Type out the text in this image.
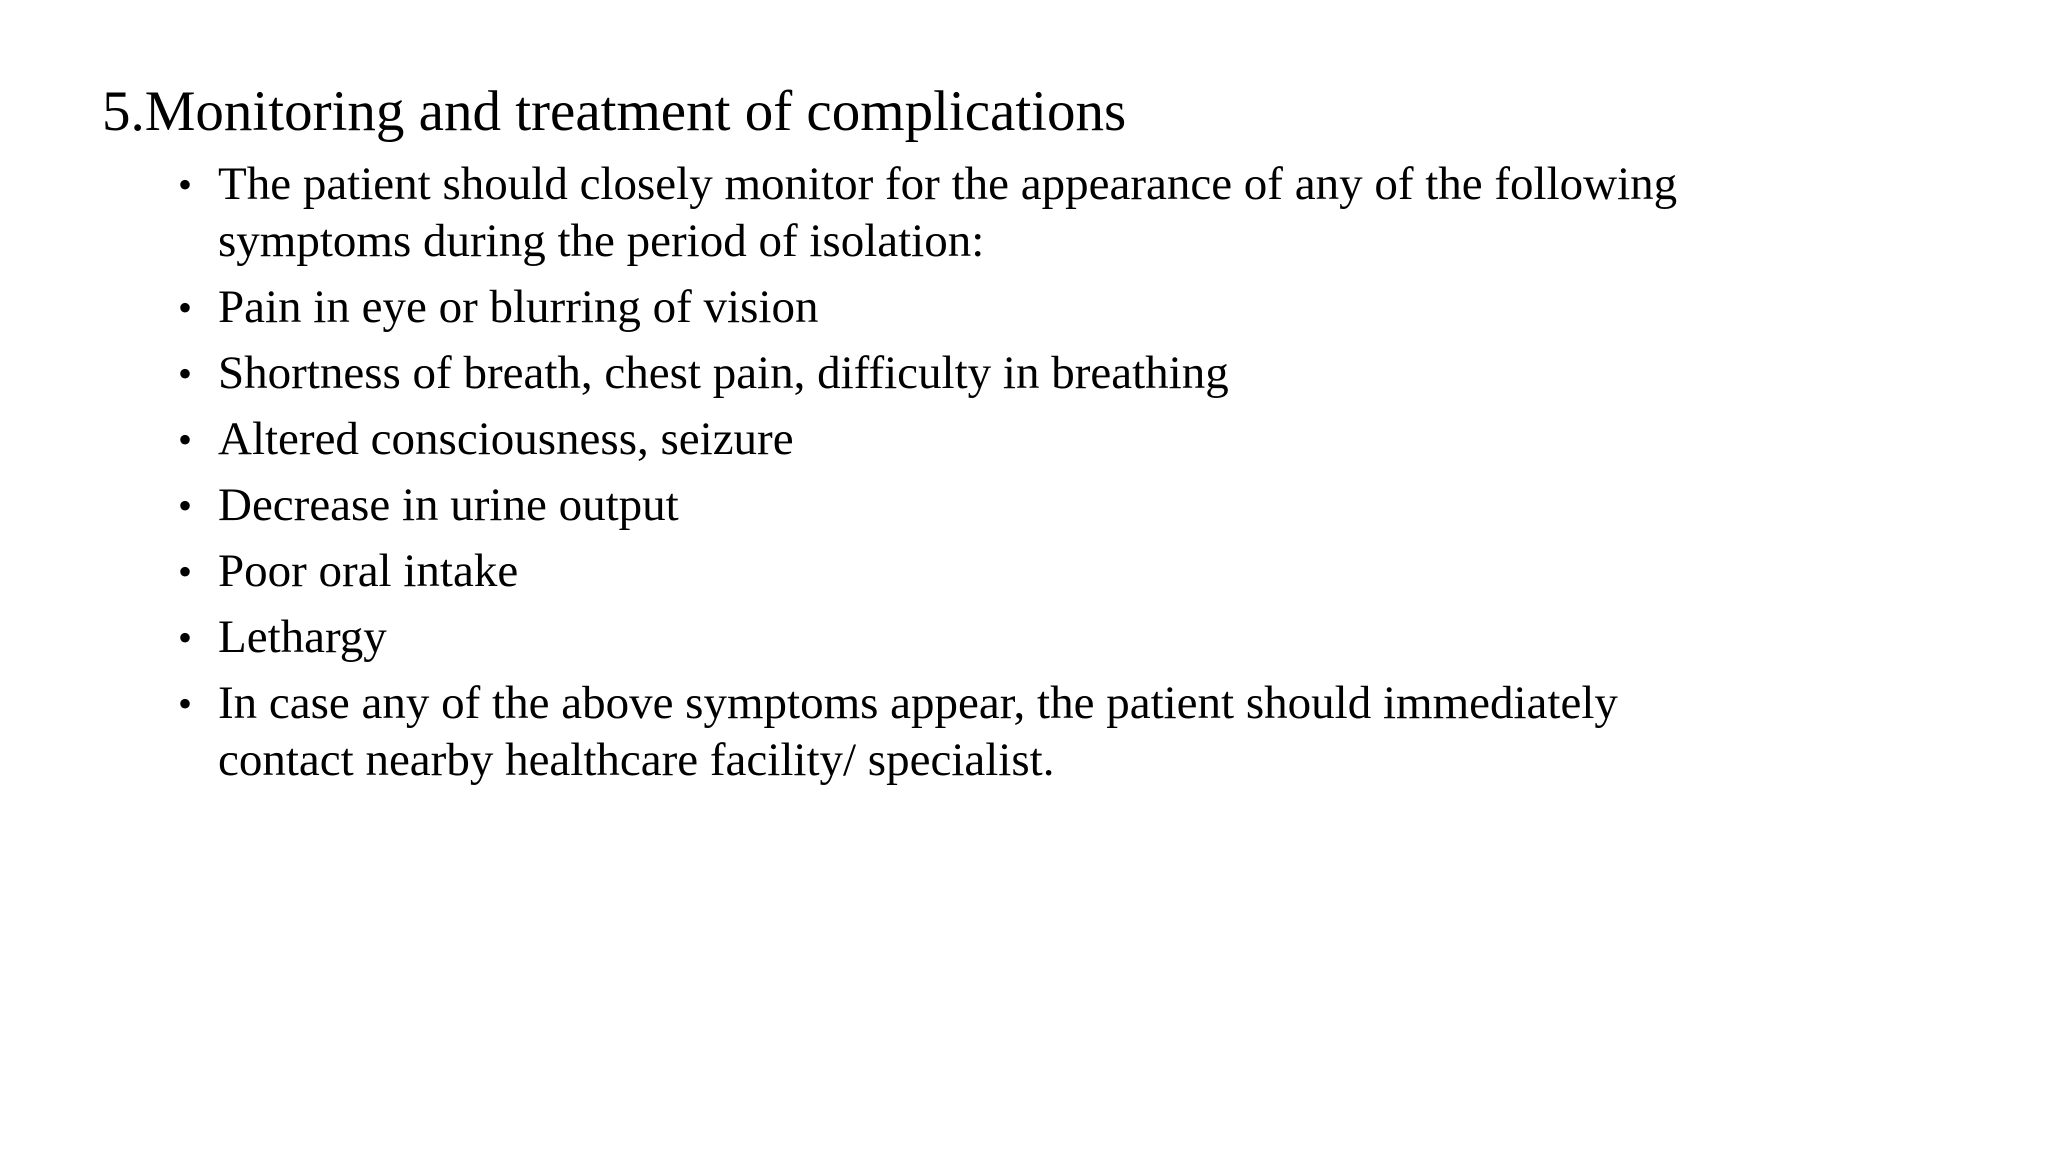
5.Monitoring and treatment of complications
• The patient should closely monitor for the appearance of any of the following
symptoms during the period of isolation:
• Pain in eye or blurring of vision
• Shortness of breath, chest pain, difficulty in breathing
• Altered consciousness, seizure
• Decrease in urine output
• Poor oral intake
• Lethargy
• In case any of the above symptoms appear, the patient should immediately
contact nearby healthcare facility/ specialist.
